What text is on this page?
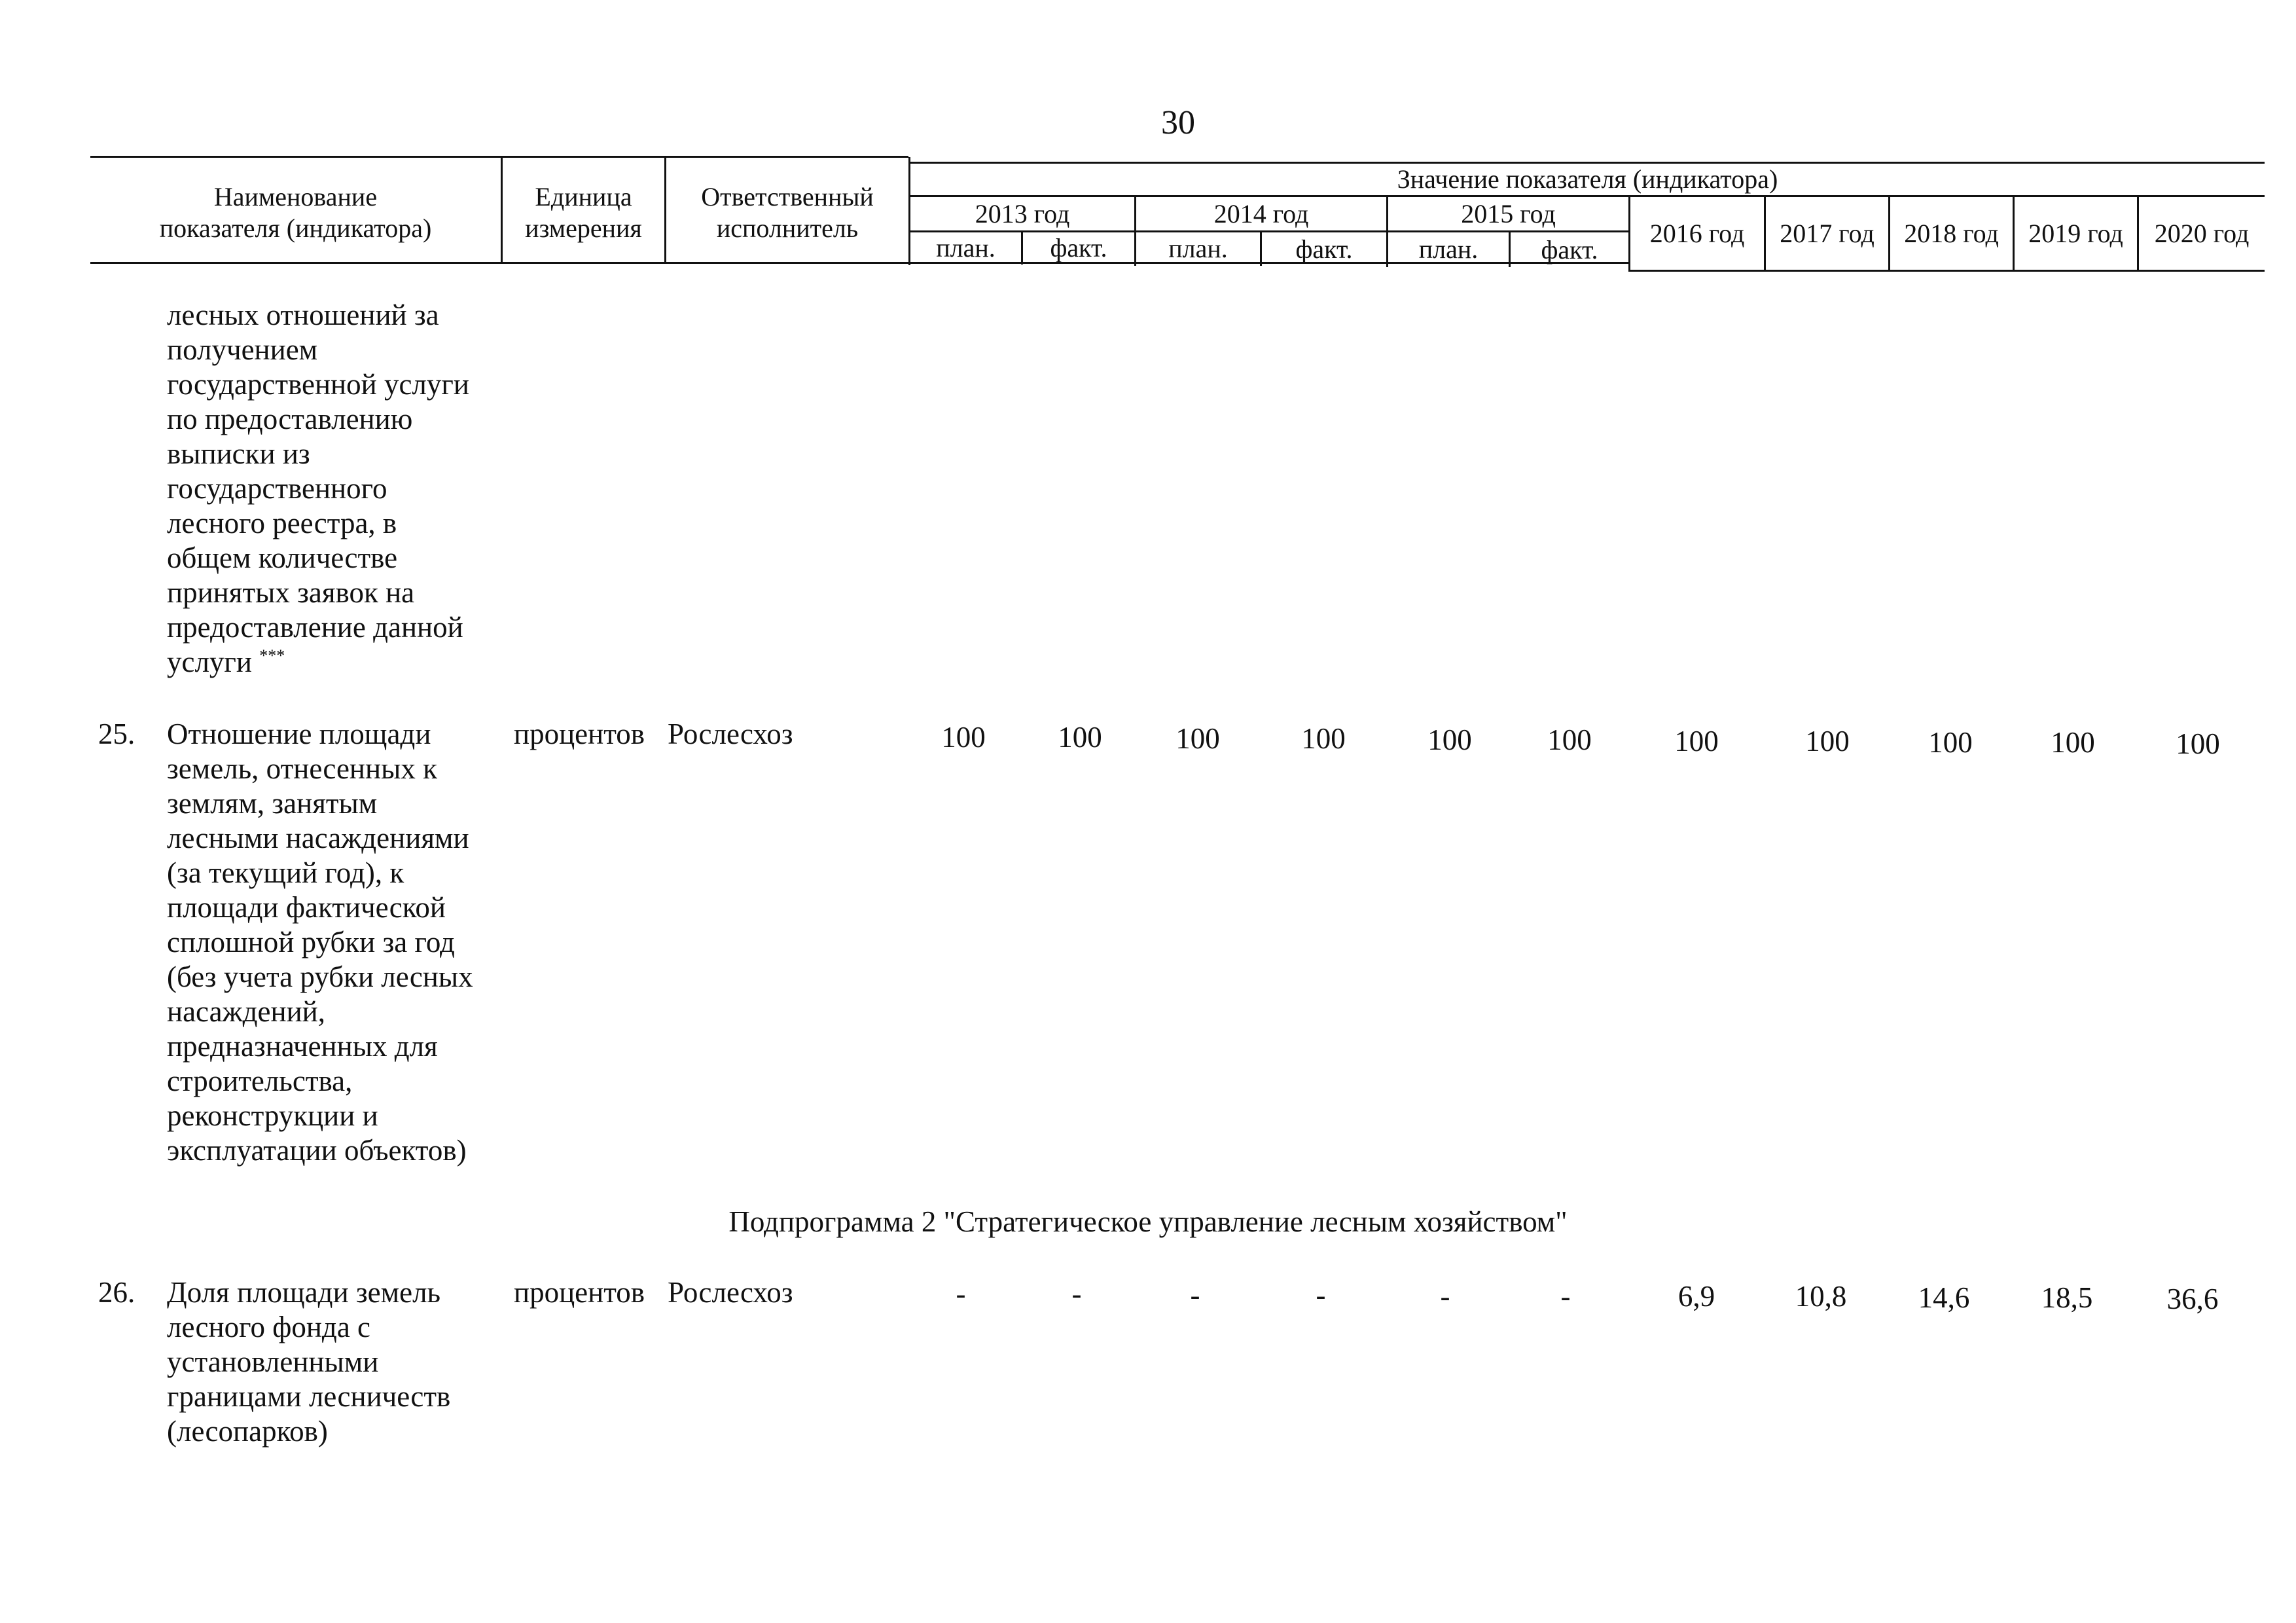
30
Наименование
показателя (индикатора)
Единица
измерения
Ответственный
исполнитель
Значение показателя (индикатора)
2013 год	2014 год	2015 год
план.	факт.	план.	факт.	план.	факт.
2016 год	2017 год	2018 год	2019 год	2020 год
лесных отношений за
получением
государственной услуги
по предоставлению
выписки из
государственного
лесного реестра, в
общем количестве
принятых заявок на
предоставление данной
услуги ***
25.	Отношение площади
земель, отнесенных к
землям, занятым
лесными насаждениями
(за текущий год), к
площади фактической
сплошной рубки за год
(без учета рубки лесных
насаждений,
предназначенных для
строительства,
реконструкции и
эксплуатации объектов)
процентов Рослесхоз	100	100	100	100	100	100	100	100	100	100	100
Подпрограмма 2 "Стратегическое управление лесным хозяйством"
26.	Доля площади земель
лесного фонда с
установленными
границами лесничеств
(лесопарков)
процентов Рослесхоз	-	-	-	-	-	-	6,9	10,8	14,6	18,5	36,6
